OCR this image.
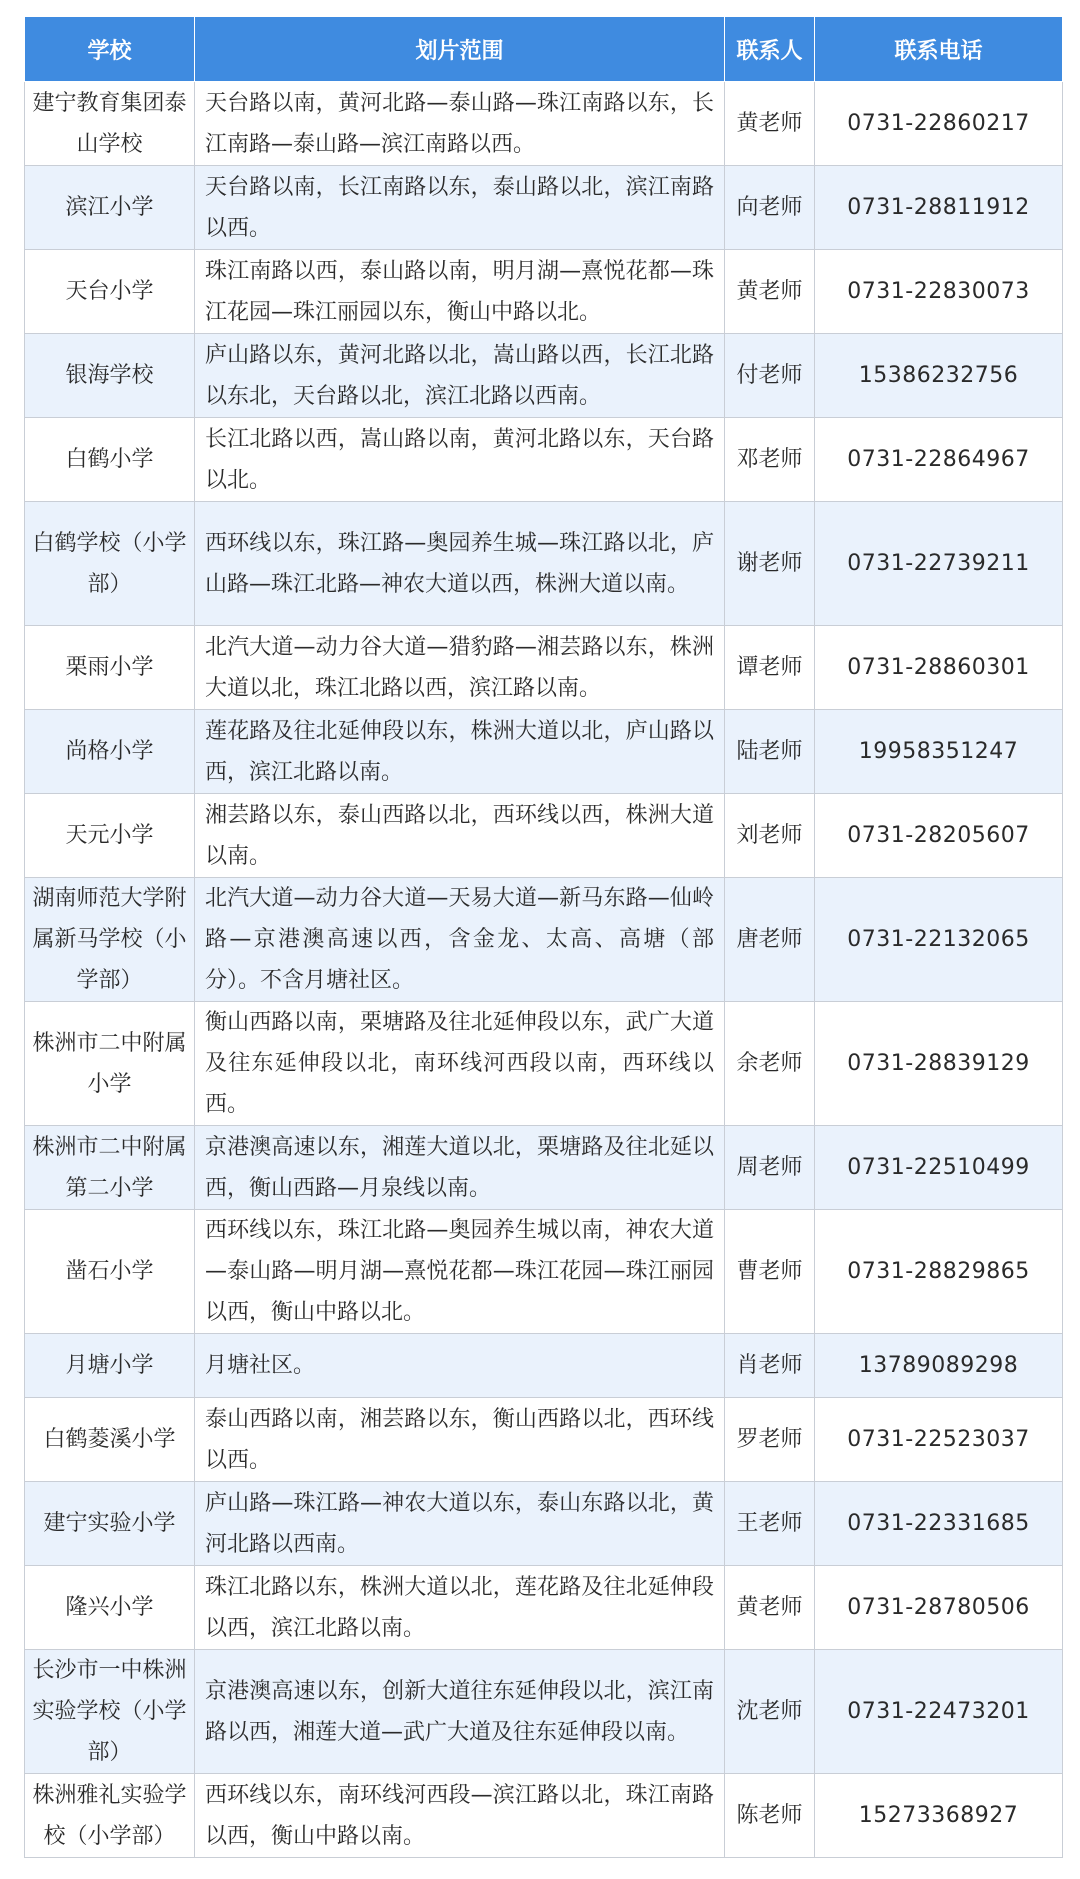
学校	划片范围	联系人	联系电话
建宁教育集团泰山学校	天台路以南，黄河北路—泰山路—珠江南路以东，长江南路—泰山路—滨江南路以西。	黄老师	0731-22860217
滨江小学	天台路以南，长江南路以东，泰山路以北，滨江南路以西。	向老师	0731-28811912
天台小学	珠江南路以西，泰山路以南，明月湖—熹悦花都—珠江花园—珠江丽园以东，衡山中路以北。	黄老师	0731-22830073
银海学校	庐山路以东，黄河北路以北，嵩山路以西，长江北路以东北，天台路以北，滨江北路以西南。	付老师	15386232756
白鹤小学	长江北路以西，嵩山路以南，黄河北路以东，天台路以北。	邓老师	0731-22864967
白鹤学校（小学部）	西环线以东，珠江路—奥园养生城—珠江路以北，庐山路—珠江北路—神农大道以西，株洲大道以南。	谢老师	0731-22739211
栗雨小学	北汽大道—动力谷大道—猎豹路—湘芸路以东，株洲大道以北，珠江北路以西，滨江路以南。	谭老师	0731-28860301
尚格小学	莲花路及往北延伸段以东，株洲大道以北，庐山路以西，滨江北路以南。	陆老师	19958351247
天元小学	湘芸路以东，泰山西路以北，西环线以西，株洲大道以南。	刘老师	0731-28205607
湖南师范大学附属新马学校（小学部）	北汽大道—动力谷大道—天易大道—新马东路—仙岭路—京港澳高速以西，含金龙、太高、高塘（部分）。不含月塘社区。	唐老师	0731-22132065
株洲市二中附属小学	衡山西路以南，栗塘路及往北延伸段以东，武广大道及往东延伸段以北，南环线河西段以南，西环线以西。	余老师	0731-28839129
株洲市二中附属第二小学	京港澳高速以东，湘莲大道以北，栗塘路及往北延以西，衡山西路—月泉线以南。	周老师	0731-22510499
凿石小学	西环线以东，珠江北路—奥园养生城以南，神农大道—泰山路—明月湖—熹悦花都—珠江花园—珠江丽园以西，衡山中路以北。	曹老师	0731-28829865
月塘小学	月塘社区。	肖老师	13789089298
白鹤菱溪小学	泰山西路以南，湘芸路以东，衡山西路以北，西环线以西。	罗老师	0731-22523037
建宁实验小学	庐山路—珠江路—神农大道以东，泰山东路以北，黄河北路以西南。	王老师	0731-22331685
隆兴小学	珠江北路以东，株洲大道以北，莲花路及往北延伸段以西，滨江北路以南。	黄老师	0731-28780506
长沙市一中株洲实验学校（小学部）	京港澳高速以东，创新大道往东延伸段以北，滨江南路以西，湘莲大道—武广大道及往东延伸段以南。	沈老师	0731-22473201
株洲雅礼实验学校（小学部）	西环线以东，南环线河西段—滨江路以北，珠江南路以西，衡山中路以南。	陈老师	15273368927
